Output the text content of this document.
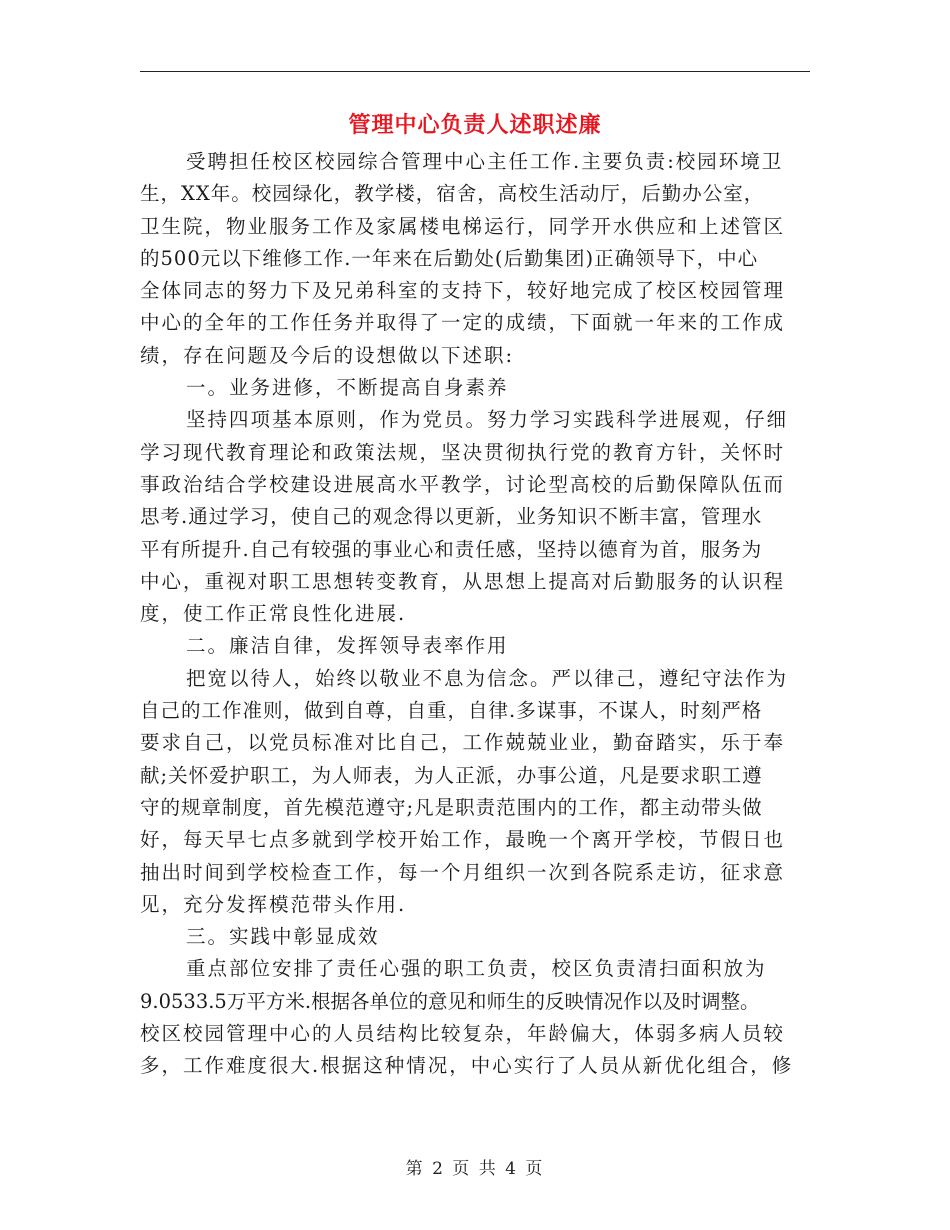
管理中心负责人述职述廉
受聘担任校区校园综合管理中心主任工作.主要负责:校园环境卫
生，XX年。校园绿化，教学楼，宿舍，高校生活动厅，后勤办公室，
卫生院，物业服务工作及家属楼电梯运行，同学开水供应和上述管区
的500元以下维修工作.一年来在后勤处(后勤集团)正确领导下，中心
全体同志的努力下及兄弟科室的支持下，较好地完成了校区校园管理
中心的全年的工作任务并取得了一定的成绩，下面就一年来的工作成
绩，存在问题及今后的设想做以下述职:
一。业务进修，不断提高自身素养
坚持四项基本原则，作为党员。努力学习实践科学进展观，仔细
学习现代教育理论和政策法规，坚决贯彻执行党的教育方针，关怀时
事政治结合学校建设进展高水平教学，讨论型高校的后勤保障队伍而
思考.通过学习，使自己的观念得以更新，业务知识不断丰富，管理水
平有所提升.自己有较强的事业心和责任感，坚持以德育为首，服务为
中心，重视对职工思想转变教育，从思想上提高对后勤服务的认识程
度，使工作正常良性化进展.
二。廉洁自律，发挥领导表率作用
把宽以待人，始终以敬业不息为信念。严以律己，遵纪守法作为
自己的工作准则，做到自尊，自重，自律.多谋事，不谋人，时刻严格
要求自己，以党员标准对比自己，工作兢兢业业，勤奋踏实，乐于奉
献;关怀爱护职工，为人师表，为人正派，办事公道，凡是要求职工遵
守的规章制度，首先模范遵守;凡是职责范围内的工作，都主动带头做
好，每天早七点多就到学校开始工作，最晚一个离开学校，节假日也
抽出时间到学校检查工作，每一个月组织一次到各院系走访，征求意
见，充分发挥模范带头作用.
三。实践中彰显成效
重点部位安排了责任心强的职工负责，校区负责清扫面积放为
9.0533.5万平方米.根据各单位的意见和师生的反映情况作以及时调整。
校区校园管理中心的人员结构比较复杂，年龄偏大，体弱多病人员较
多，工作难度很大.根据这种情况，中心实行了人员从新优化组合，修
第 2 页 共 4 页
